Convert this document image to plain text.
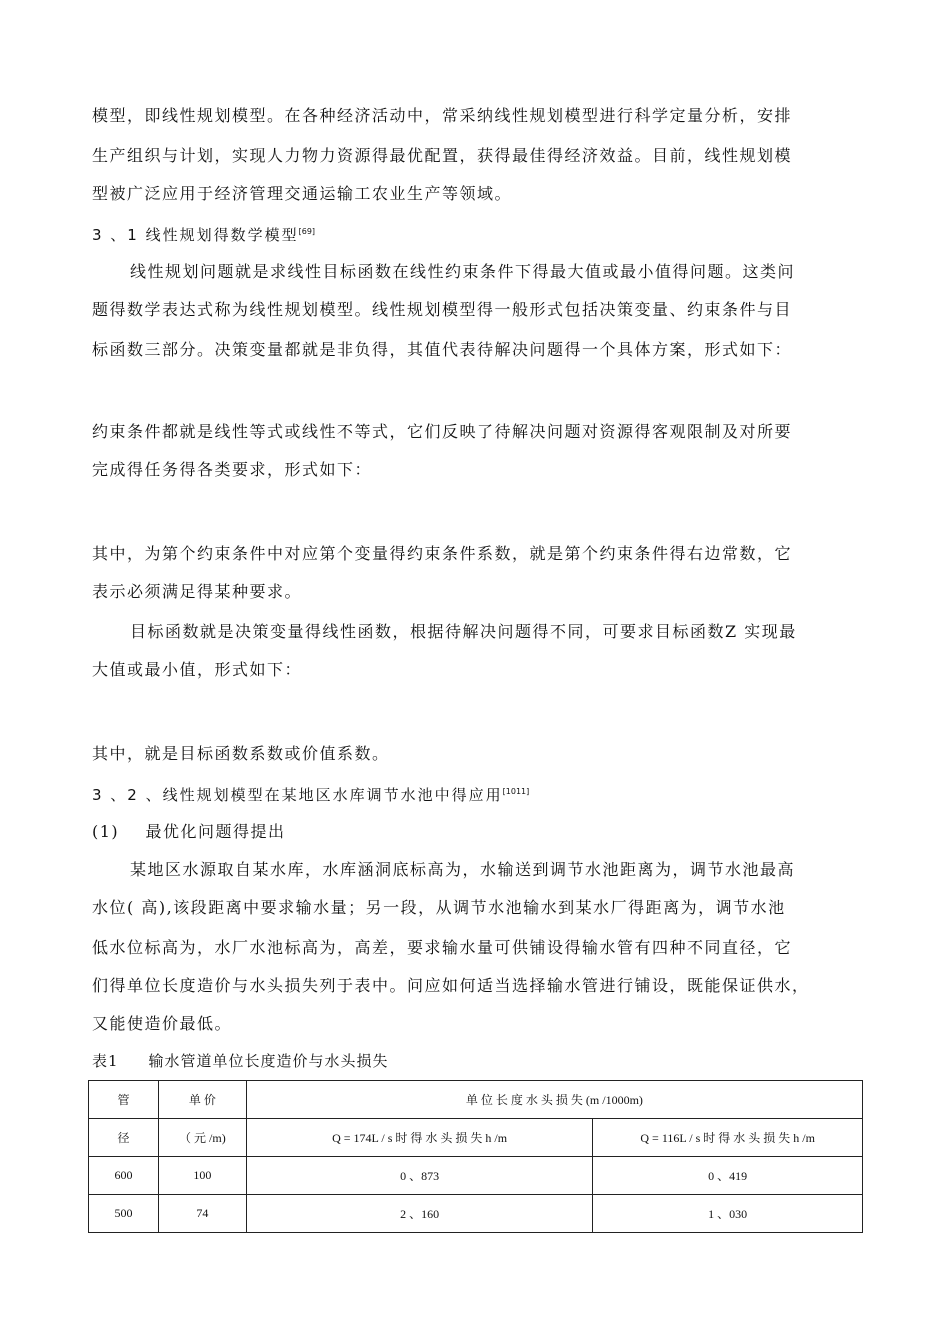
模型，即线性规划模型。在各种经济活动中，常采纳线性规划模型进行科学定量分析，安排
生产组织与计划，实现人力物力资源得最优配置，获得最佳得经济效益。目前，线性规划模
型被广泛应用于经济管理交通运输工农业生产等领域。
3 、1 线性规划得数学模型[69]
线性规划问题就是求线性目标函数在线性约束条件下得最大值或最小值得问题。这类问
题得数学表达式称为线性规划模型。线性规划模型得一般形式包括决策变量、约束条件与目
标函数三部分。决策变量都就是非负得，其值代表待解决问题得一个具体方案，形式如下：
约束条件都就是线性等式或线性不等式，它们反映了待解决问题对资源得客观限制及对所要
完成得任务得各类要求，形式如下：
其中，为第个约束条件中对应第个变量得约束条件系数，就是第个约束条件得右边常数，它
表示必须满足得某种要求。
目标函数就是决策变量得线性函数，根据待解决问题得不同，可要求目标函数Z 实现最
大值或最小值，形式如下：
其中，就是目标函数系数或价值系数。
3 、2 、线性规划模型在某地区水库调节水池中得应用[1011]
(1)    最优化问题得提出
某地区水源取自某水库，水库涵洞底标高为，水输送到调节水池距离为，调节水池最高
水位( 高),该段距离中要求输水量；另一段，从调节水池输水到某水厂得距离为，调节水池
低水位标高为，水厂水池标高为，高差，要求输水量可供铺设得输水管有四种不同直径，它
们得单位长度造价与水头损失列于表中。问应如何适当选择输水管进行铺设，既能保证供水，
又能使造价最低。
表1 输水管道单位长度造价与水头损失
管	单 价	单 位 长 度 水 头 损 失 (m /1000m)	
径	（ 元 /m)	Q = 174L / s 时 得 水 头 损 失 h /m	Q = 116L / s 时 得 水 头 损 失 h /m
600	100	0 、873	0 、419
500	74	2 、160	1 、030
